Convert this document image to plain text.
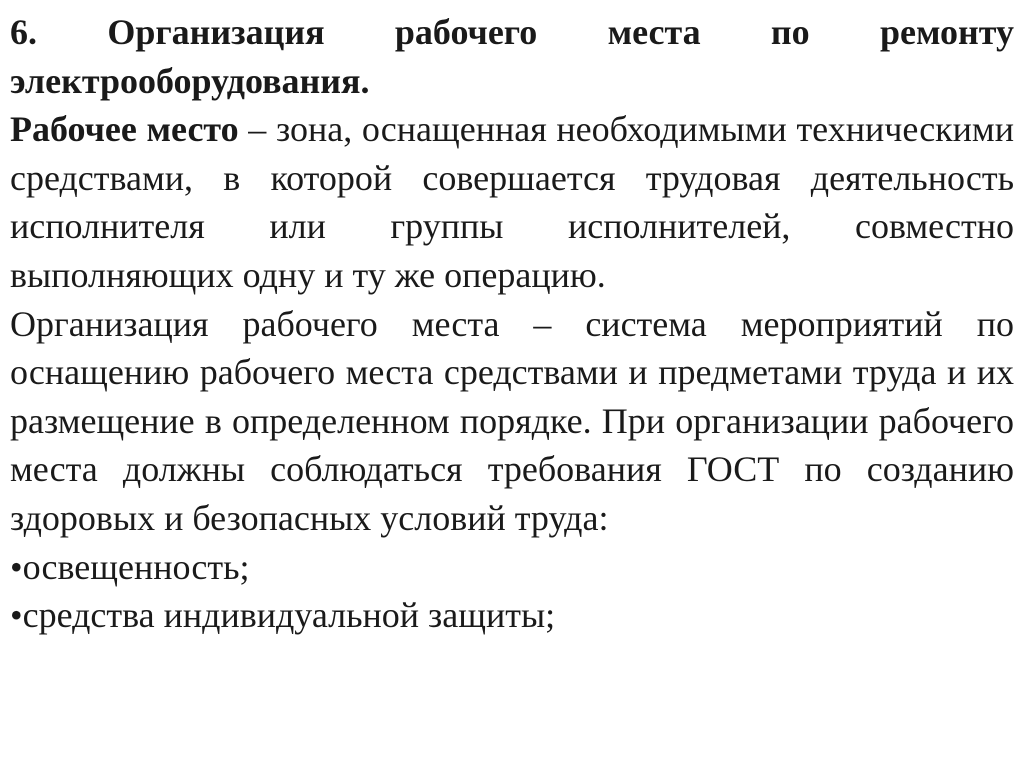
6. Организация рабочего места по ремонту электрооборудования.

Рабочее место – зона, оснащенная необходимыми техническими средствами, в которой совершается трудовая деятельность исполнителя или группы исполнителей, совместно выполняющих одну и ту же операцию.

Организация рабочего места – система мероприятий по оснащению рабочего места средствами и предметами труда и их размещение в определенном порядке. При организации рабочего места должны соблюдаться требования ГОСТ по созданию здоровых и безопасных условий труда:

•освещенность;

•средства индивидуальной защиты;
